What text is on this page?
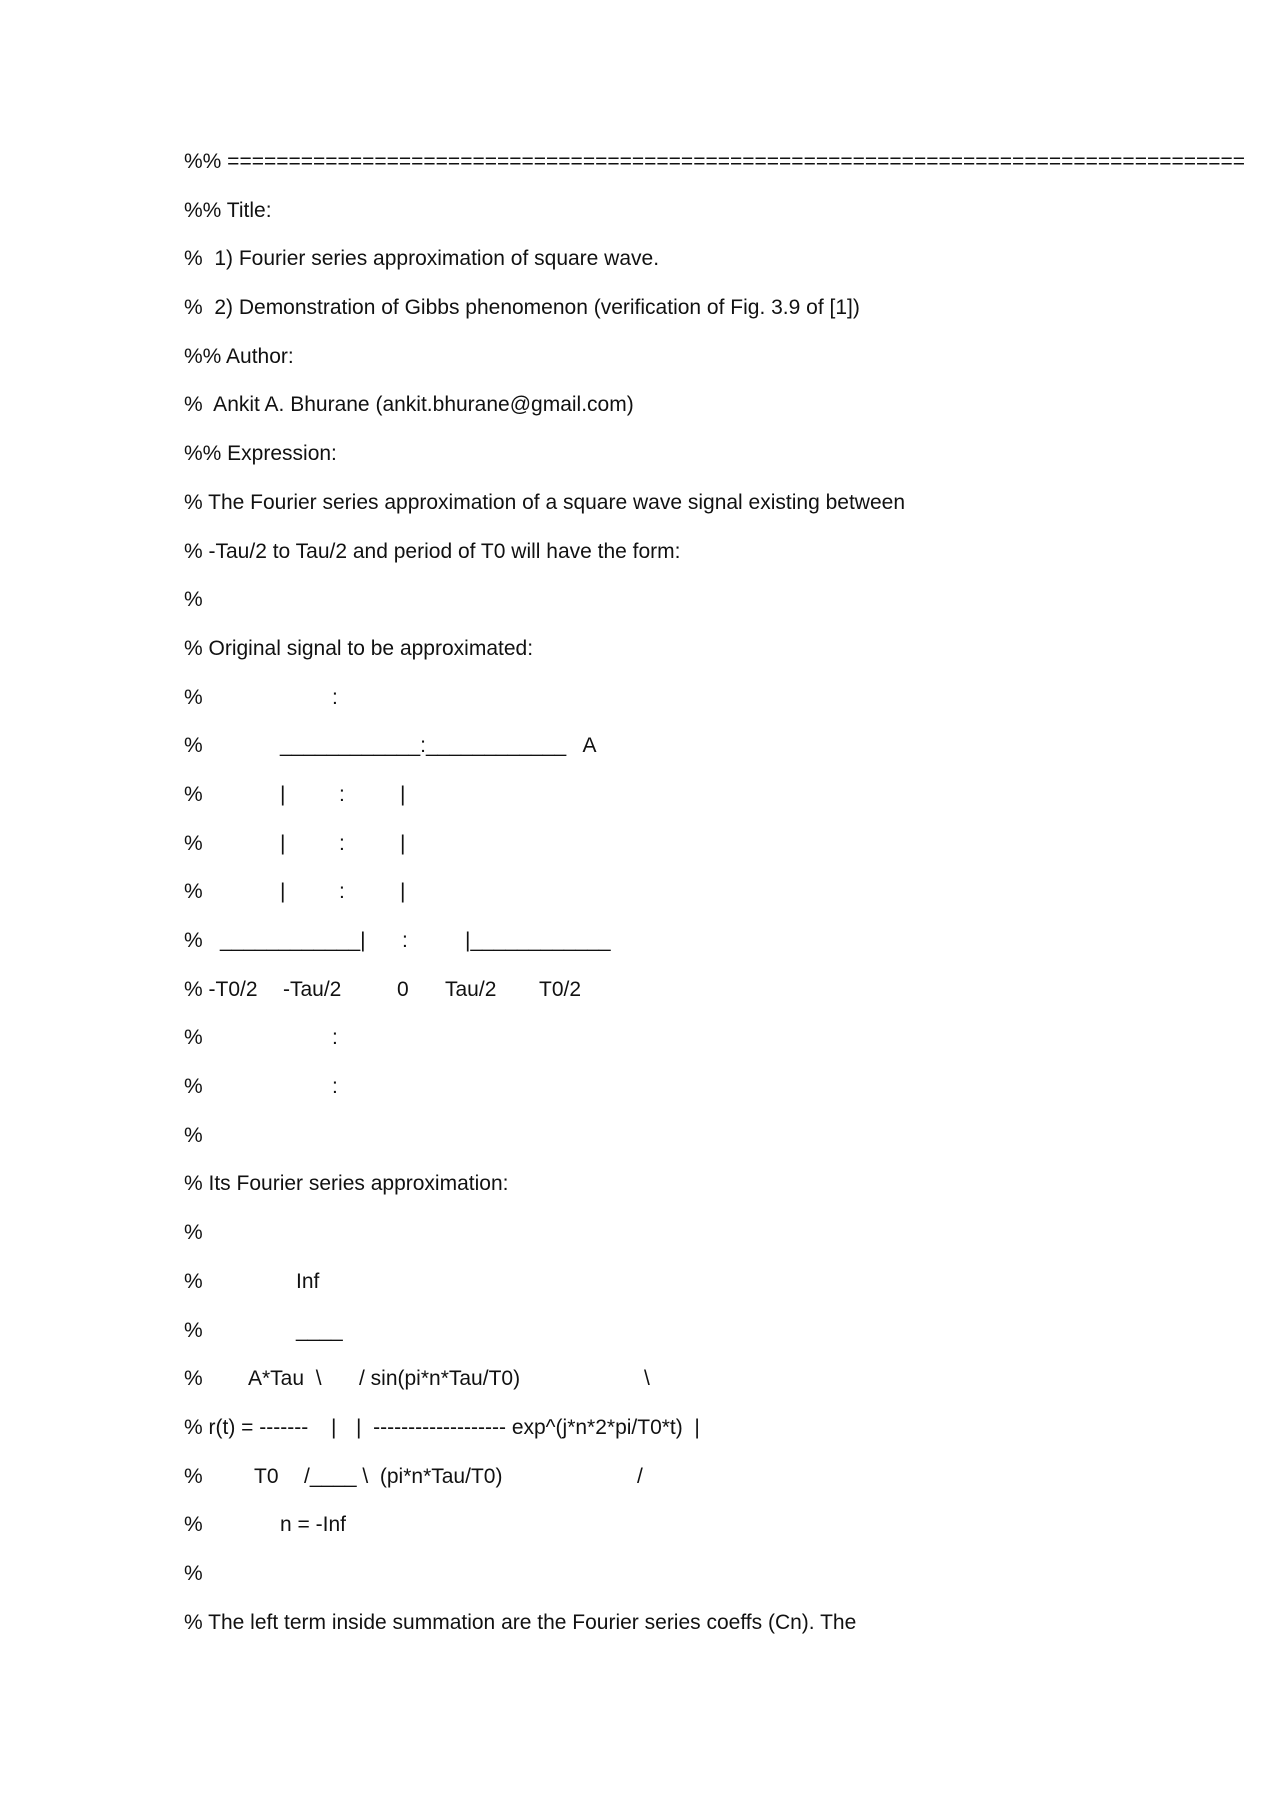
%% ===================================================================================
%% Title:
%  1) Fourier series approximation of square wave.
%  2) Demonstration of Gibbs phenomenon (verification of Fig. 3.9 of [1])
%% Author:
%  Ankit A. Bhurane (ankit.bhurane@gmail.com)
%% Expression:
% The Fourier series approximation of a square wave signal existing between
% -Tau/2 to Tau/2 and period of T0 will have the form:
%
% Original signal to be approximated:
%	:
%	____________:____________   A
%	|	:	|
%	|	:	|
%	|	:	|
% ____________| :	|____________
% -T0/2 -Tau/2	0 Tau/2 T0/2
%	:
%	:
%
% Its Fourier series approximation:
%
%	Inf
%	____
% A*Tau  \ / sin(pi*n*Tau/T0)	\
% r(t) = ------- | |  ------------------- exp^(j*n*2*pi/T0*t)  |
% T0 /____ \  (pi*n*Tau/T0)	/
%	n = -Inf
%
% The left term inside summation are the Fourier series coeffs (Cn). The
